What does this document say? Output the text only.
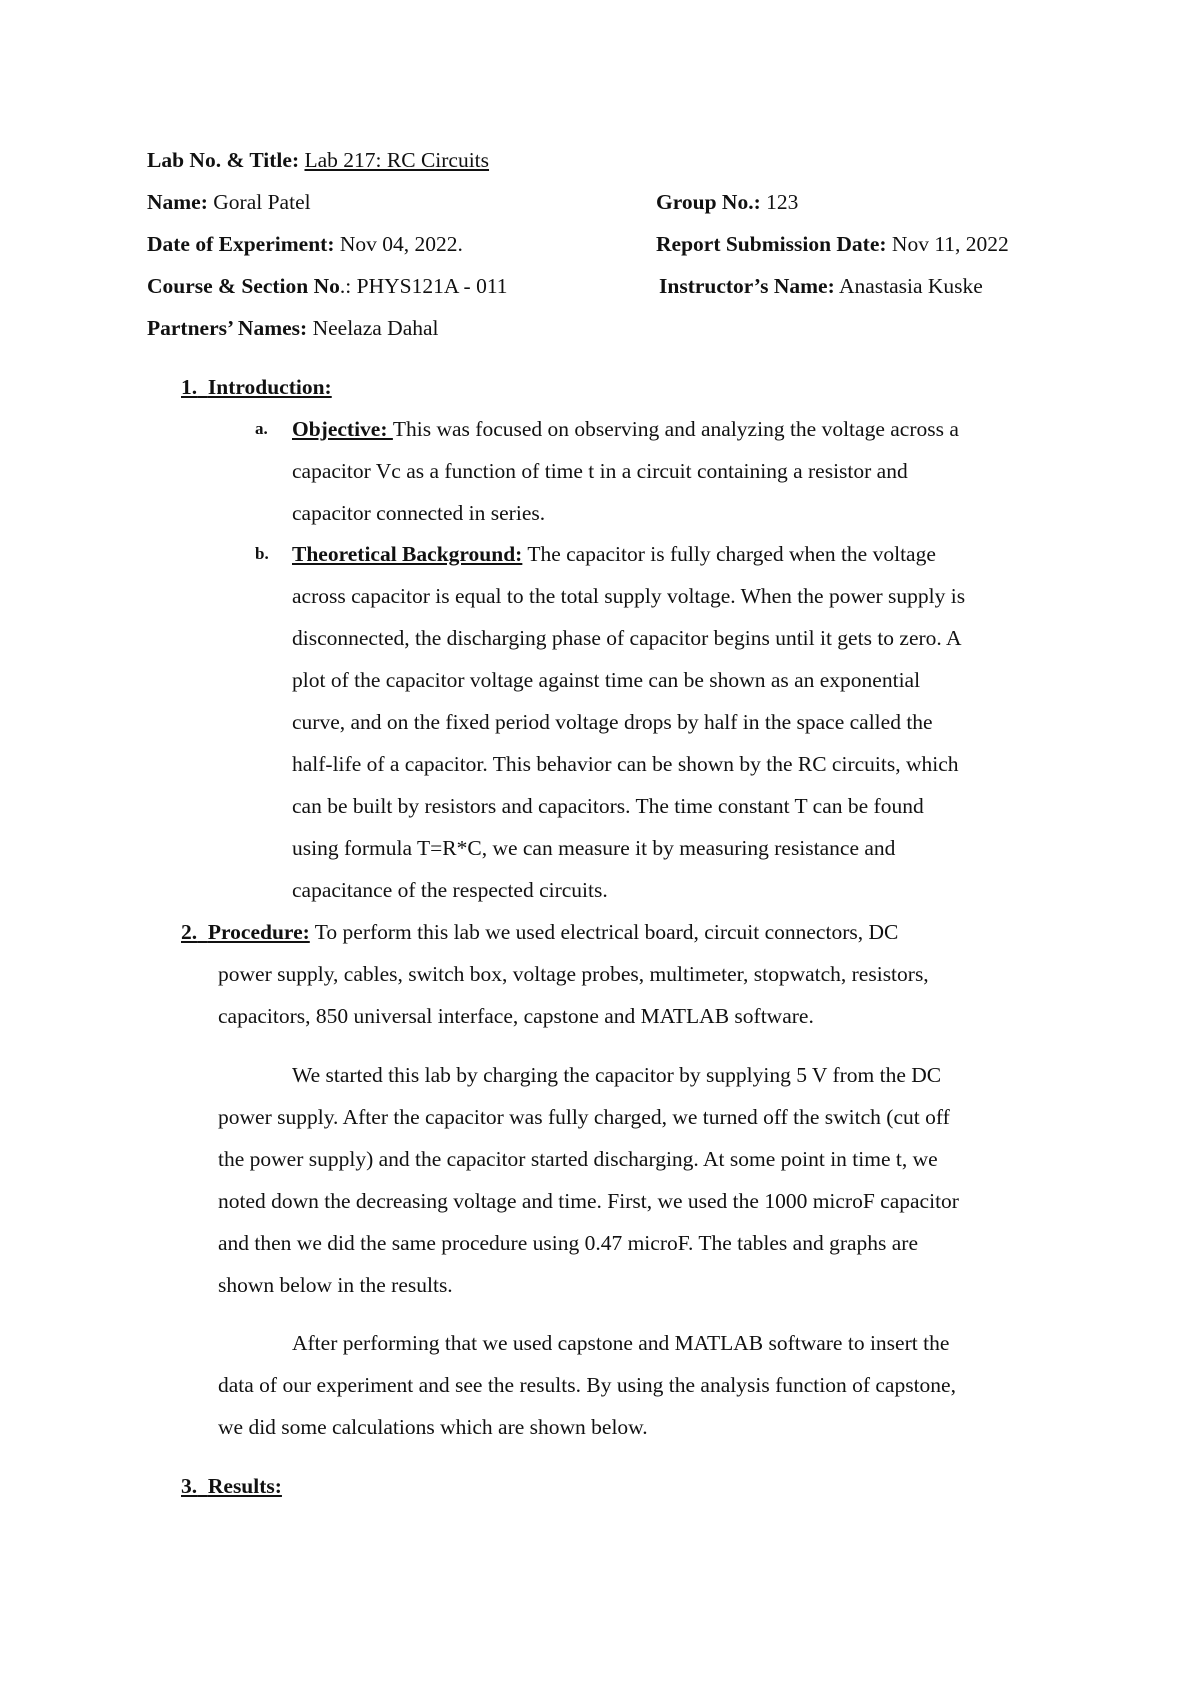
Lab No. & Title: Lab 217: RC Circuits
Name: Goral Patel	Group No.: 123
Date of Experiment: Nov 04, 2022.	Report Submission Date: Nov 11, 2022
Course & Section No.: PHYS121A - 011	Instructor’s Name: Anastasia Kuske
Partners’ Names: Neelaza Dahal
1. Introduction:
a. Objective: This was focused on observing and analyzing the voltage across a
capacitor Vc as a function of time t in a circuit containing a resistor and
capacitor connected in series.
b. Theoretical Background: The capacitor is fully charged when the voltage
across capacitor is equal to the total supply voltage. When the power supply is
disconnected, the discharging phase of capacitor begins until it gets to zero. A
plot of the capacitor voltage against time can be shown as an exponential
curve, and on the fixed period voltage drops by half in the space called the
half-life of a capacitor. This behavior can be shown by the RC circuits, which
can be built by resistors and capacitors. The time constant T can be found
using formula T=R*C, we can measure it by measuring resistance and
capacitance of the respected circuits.
2. Procedure: To perform this lab we used electrical board, circuit connectors, DC
power supply, cables, switch box, voltage probes, multimeter, stopwatch, resistors,
capacitors, 850 universal interface, capstone and MATLAB software.
We started this lab by charging the capacitor by supplying 5 V from the DC
power supply. After the capacitor was fully charged, we turned off the switch (cut off
the power supply) and the capacitor started discharging. At some point in time t, we
noted down the decreasing voltage and time. First, we used the 1000 microF capacitor
and then we did the same procedure using 0.47 microF. The tables and graphs are
shown below in the results.
After performing that we used capstone and MATLAB software to insert the
data of our experiment and see the results. By using the analysis function of capstone,
we did some calculations which are shown below.
3. Results:
